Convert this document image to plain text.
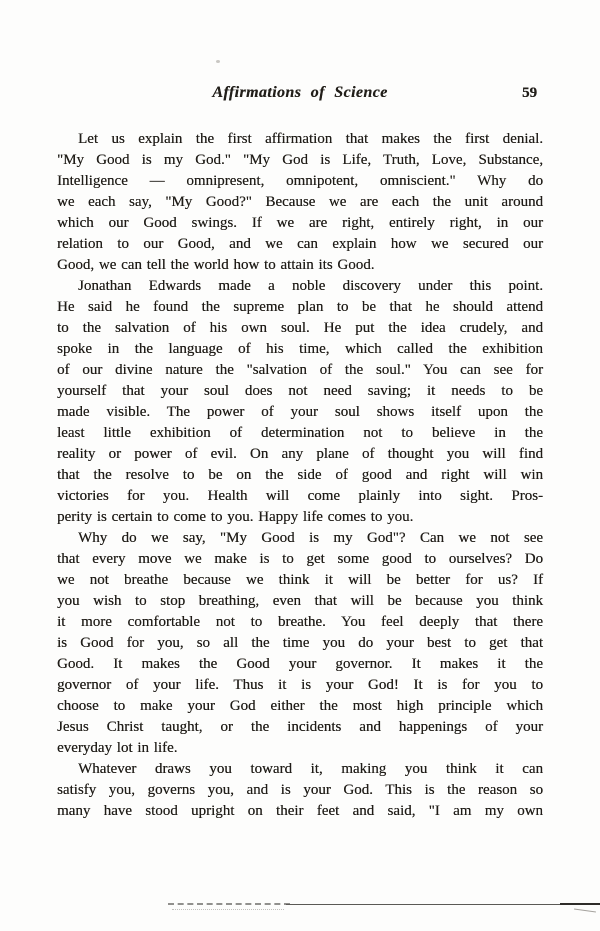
Affirmations of Science	59
Let us explain the first affirmation that makes the first denial.
"My Good is my God." "My God is Life, Truth, Love, Substance,
Intelligence — omnipresent, omnipotent, omniscient." Why do
we each say, "My Good?" Because we are each the unit around
which our Good swings. If we are right, entirely right, in our
relation to our Good, and we can explain how we secured our
Good, we can tell the world how to attain its Good.
Jonathan Edwards made a noble discovery under this point.
He said he found the supreme plan to be that he should attend
to the salvation of his own soul. He put the idea crudely, and
spoke in the language of his time, which called the exhibition
of our divine nature the "salvation of the soul." You can see for
yourself that your soul does not need saving; it needs to be
made visible. The power of your soul shows itself upon the
least little exhibition of determination not to believe in the
reality or power of evil. On any plane of thought you will find
that the resolve to be on the side of good and right will win
victories for you. Health will come plainly into sight. Pros-
perity is certain to come to you. Happy life comes to you.
Why do we say, "My Good is my God"? Can we not see
that every move we make is to get some good to ourselves? Do
we not breathe because we think it will be better for us? If
you wish to stop breathing, even that will be because you think
it more comfortable not to breathe. You feel deeply that there
is Good for you, so all the time you do your best to get that
Good. It makes the Good your governor. It makes it the
governor of your life. Thus it is your God! It is for you to
choose to make your God either the most high principle which
Jesus Christ taught, or the incidents and happenings of your
everyday lot in life.
Whatever draws you toward it, making you think it can
satisfy you, governs you, and is your God. This is the reason so
many have stood upright on their feet and said, "I am my own
